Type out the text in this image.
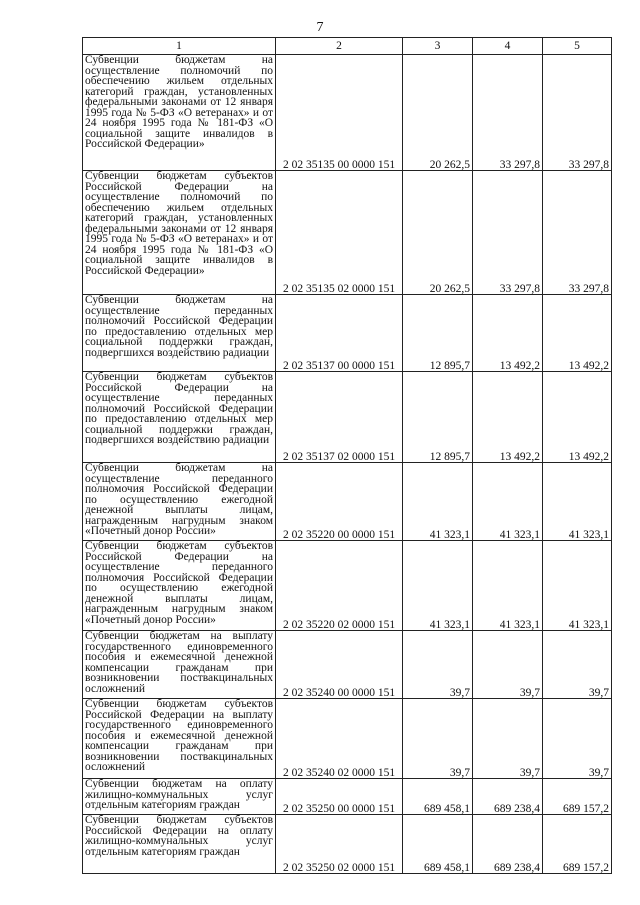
7
1	2	3	4	5
Субвенции бюджетам на осуществление полномочий по обеспечению жильем отдельных категорий граждан, установленных федеральными законами от 12 января 1995 года № 5-ФЗ «О ветеранах» и от 24 ноября 1995 года № 181-ФЗ «О социальной защите инвалидов в Российской Федерации»	2 02 35135 00 0000 151	20 262,5	33 297,8	33 297,8
Субвенции бюджетам субъектов Российской Федерации на осуществление полномочий по обеспечению жильем отдельных категорий граждан, установленных федеральными законами от 12 января 1995 года № 5-ФЗ «О ветеранах» и от 24 ноября 1995 года № 181-ФЗ «О социальной защите инвалидов в Российской Федерации»	2 02 35135 02 0000 151	20 262,5	33 297,8	33 297,8
Субвенции бюджетам на осуществление переданных полномочий Российской Федерации по предоставлению отдельных мер социальной поддержки граждан, подвергшихся воздействию радиации	2 02 35137 00 0000 151	12 895,7	13 492,2	13 492,2
Субвенции бюджетам субъектов Российской Федерации на осуществление переданных полномочий Российской Федерации по предоставлению отдельных мер социальной поддержки граждан, подвергшихся воздействию радиации	2 02 35137 02 0000 151	12 895,7	13 492,2	13 492,2
Субвенции бюджетам на осуществление переданного полномочия Российской Федерации по осуществлению ежегодной денежной выплаты лицам, награжденным нагрудным знаком «Почетный донор России»	2 02 35220 00 0000 151	41 323,1	41 323,1	41 323,1
Субвенции бюджетам субъектов Российской Федерации на осуществление переданного полномочия Российской Федерации по осуществлению ежегодной денежной выплаты лицам, награжденным нагрудным знаком «Почетный донор России»	2 02 35220 02 0000 151	41 323,1	41 323,1	41 323,1
Субвенции бюджетам на выплату государственного единовременного пособия и ежемесячной денежной компенсации гражданам при возникновении поствакцинальных осложнений	2 02 35240 00 0000 151	39,7	39,7	39,7
Субвенции бюджетам субъектов Российской Федерации на выплату государственного единовременного пособия и ежемесячной денежной компенсации гражданам при возникновении поствакцинальных осложнений	2 02 35240 02 0000 151	39,7	39,7	39,7
Субвенции бюджетам на оплату жилищно-коммунальных услуг отдельным категориям граждан	2 02 35250 00 0000 151	689 458,1	689 238,4	689 157,2
Субвенции бюджетам субъектов Российской Федерации на оплату жилищно-коммунальных услуг отдельным категориям граждан	2 02 35250 02 0000 151	689 458,1	689 238,4	689 157,2
